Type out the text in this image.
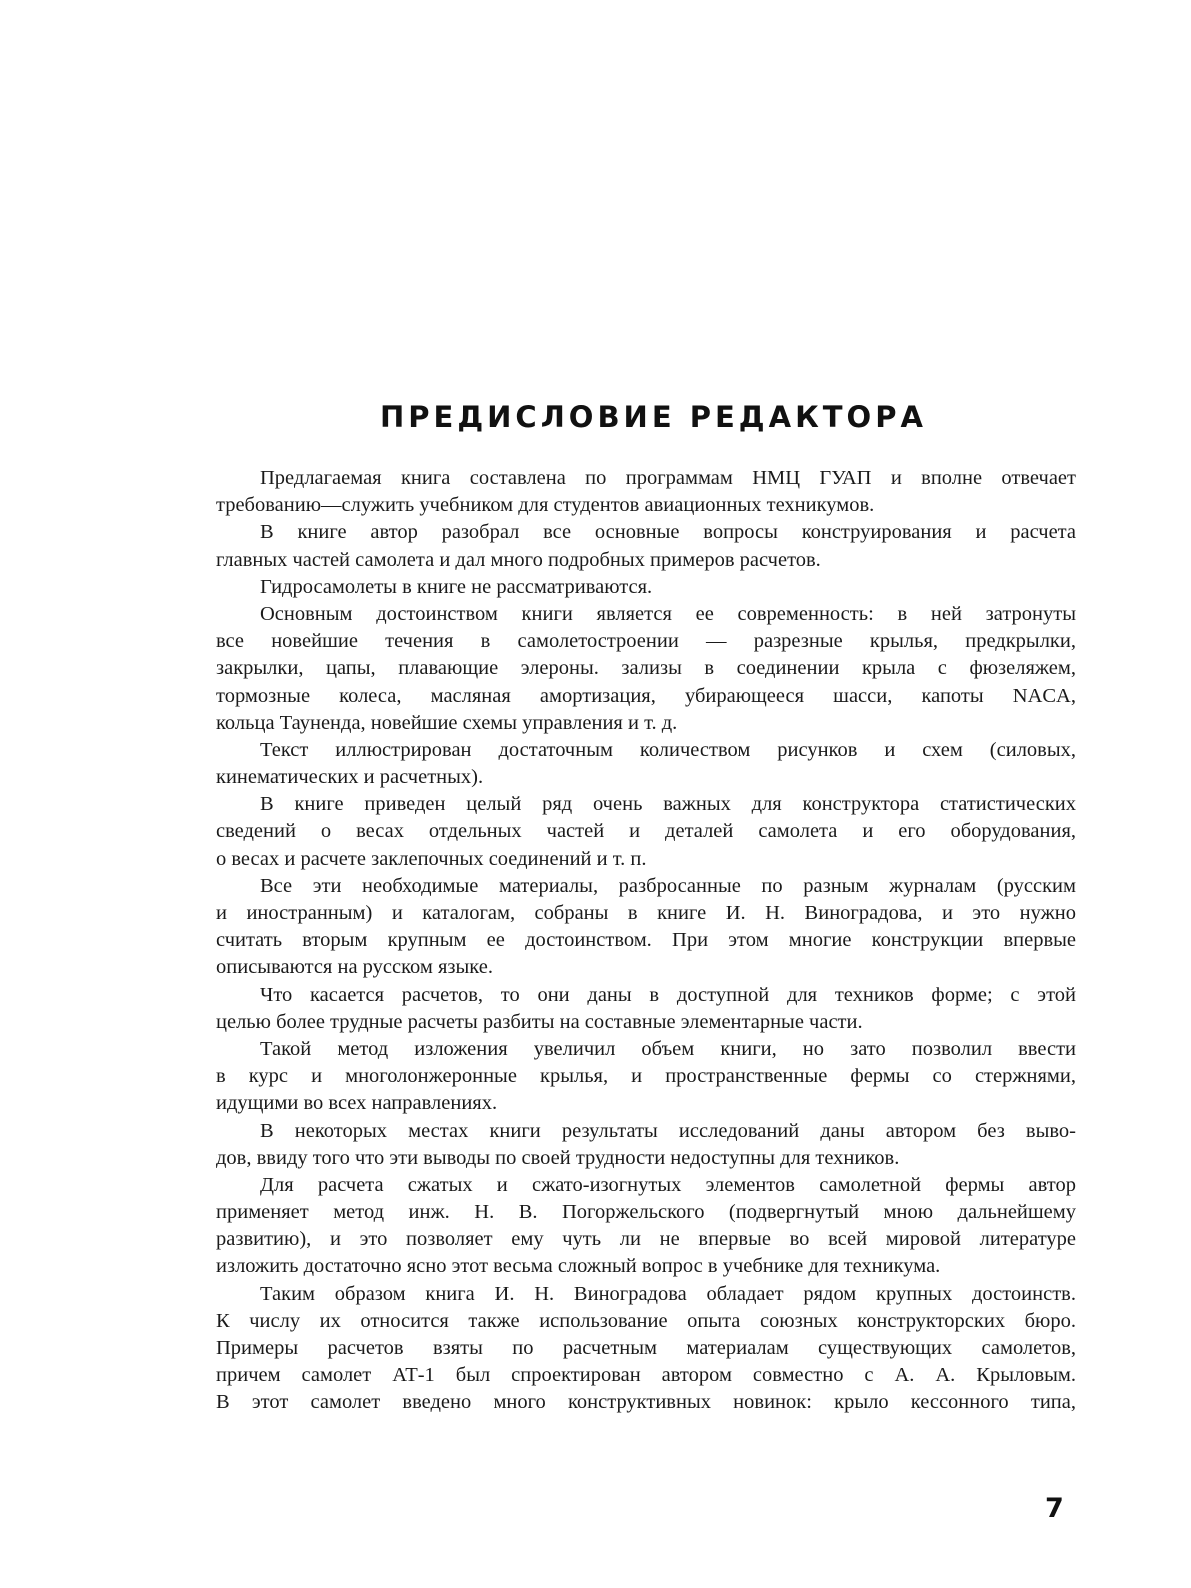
ПРЕДИСЛОВИЕ РЕДАКТОРА
Предлагаемая книга составлена по программам НМЦ ГУАП и вполне отвечает
требованию—служить учебником для студентов авиационных техникумов.
В книге автор разобрал все основные вопросы конструирования и расчета
главных частей самолета и дал много подробных примеров расчетов.
Гидросамолеты в книге не рассматриваются.
Основным достоинством книги является ее современность: в ней затронуты
все новейшие течения в самолетостроении — разрезные крылья, предкрылки,
закрылки, цапы, плавающие элероны. зализы в соединении крыла с фюзеляжем,
тормозные колеса, масляная амортизация, убирающееся шасси, капоты NACA,
кольца Тауненда, новейшие схемы управления и т. д.
Текст иллюстрирован достаточным количеством рисунков и схем (силовых,
кинематических и расчетных).
В книге приведен целый ряд очень важных для конструктора статистических
сведений о весах отдельных частей и деталей самолета и его оборудования,
о весах и расчете заклепочных соединений и т. п.
Все эти необходимые материалы, разбросанные по разным журналам (русским
и иностранным) и каталогам, собраны в книге И. Н. Виноградова, и это нужно
считать вторым крупным ее достоинством. При этом многие конструкции впервые
описываются на русском языке.
Что касается расчетов, то они даны в доступной для техников форме; с этой
целью более трудные расчеты разбиты на составные элементарные части.
Такой метод изложения увеличил объем книги, но зато позволил ввести
в курс и многолонжеронные крылья, и пространственные фермы со стержнями,
идущими во всех направлениях.
В некоторых местах книги результаты исследований даны автором без выво-
дов, ввиду того что эти выводы по своей трудности недоступны для техников.
Для расчета сжатых и сжато-изогнутых элементов самолетной фермы автор
применяет метод инж. Н. В. Погоржельского (подвергнутый мною дальнейшему
развитию), и это позволяет ему чуть ли не впервые во всей мировой литературе
изложить достаточно ясно этот весьма сложный вопрос в учебнике для техникума.
Таким образом книга И. Н. Виноградова обладает рядом крупных достоинств.
К числу их относится также использование опыта союзных конструкторских бюро.
Примеры расчетов взяты по расчетным материалам существующих самолетов,
причем самолет АТ-1 был спроектирован автором совместно с А. А. Крыловым.
В этот самолет введено много конструктивных новинок: крыло кессонного типа,
7
